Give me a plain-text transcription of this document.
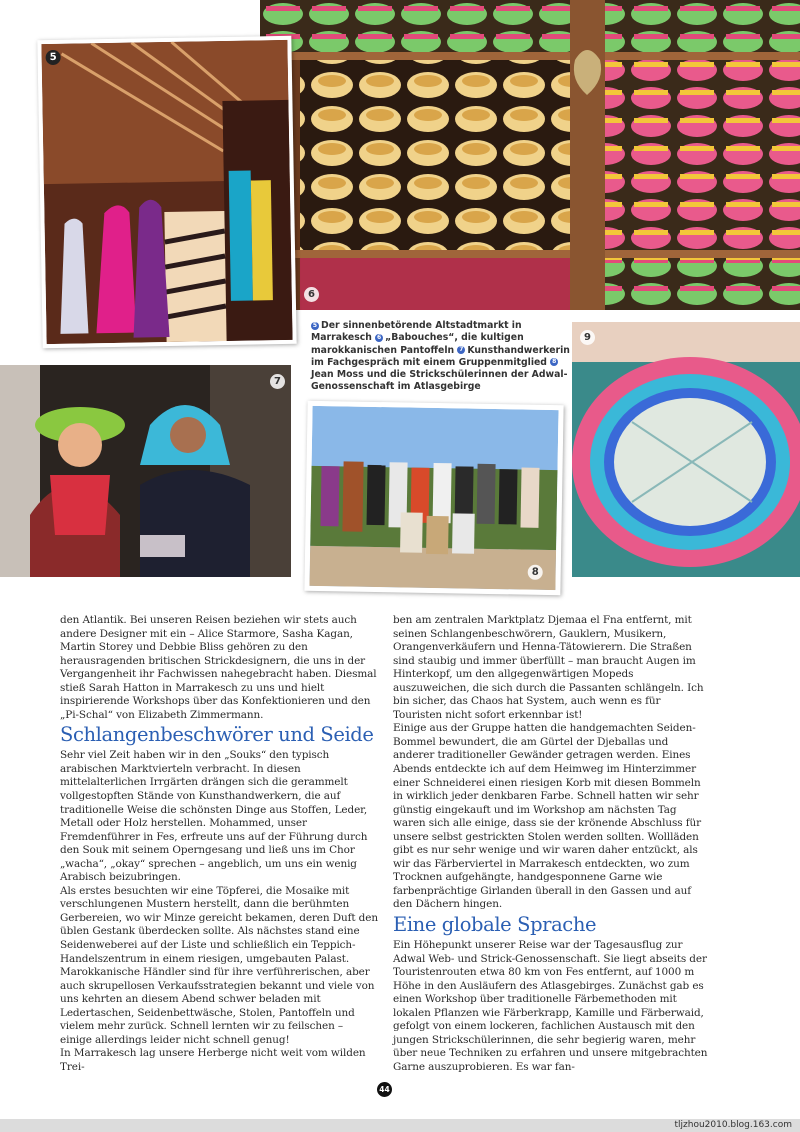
6
5
7
8
9
5 Der sinnenbetörende Altstadtmarkt in Marrakesch 6 „Babouches“, die kultigen marokkanischen Pantoffeln 7 Kunsthandwerkerin im Fachgespräch mit einem Gruppenmitglied 8Jean Moss und die Strickschülerinnen der Adwal-Genossenschaft im Atlasgebirge

den Atlantik. Bei unseren Reisen beziehen wir stets auch andere Designer mit ein – Alice Starmore, Sasha Kagan, Martin Storey und Debbie Bliss gehören zu den herausragenden britischen Strickdesignern, die uns in der Vergangenheit ihr Fachwissen nahegebracht haben. Diesmal stieß Sarah Hatton in Marrakesch zu uns und hielt inspirierende Workshops über das Konfektionieren und den „Pi-Schal“ von Elizabeth Zimmermann.

Schlangenbeschwörer und Seide

Sehr viel Zeit haben wir in den „Souks“ den typisch arabischen Marktvierteln verbracht. In diesen mittelalterlichen Irrgärten drängen sich die gerammelt vollgestopften Stände von Kunsthandwerkern, die auf traditionelle Weise die schönsten Dinge aus Stoffen, Leder, Metall oder Holz herstellen. Mohammed, unser Fremdenführer in Fes, erfreute uns auf der Führung durch den Souk mit seinem Operngesang und ließ uns im Chor „wacha“, „okay“ sprechen – angeblich, um uns ein wenig Arabisch beizubringen.

Als erstes besuchten wir eine Töpferei, die Mosaike mit verschlungenen Mustern herstellt, dann die berühmten Gerbereien, wo wir Minze gereicht bekamen, deren Duft den üblen Gestank überdecken sollte. Als nächstes stand eine Seidenweberei auf der Liste und schließlich ein Teppich-Handelszentrum in einem riesigen, umgebauten Palast. Marokkanische Händler sind für ihre verführerischen, aber auch skrupellosen Verkaufsstrategien bekannt und viele von uns kehrten an diesem Abend schwer beladen mit Ledertaschen, Seidenbettwäsche, Stolen, Pantoffeln und vielem mehr zurück. Schnell lernten wir zu feilschen – einige allerdings leider nicht schnell genug!

In Marrakesch lag unsere Herberge nicht weit vom wilden Trei-

ben am zentralen Marktplatz Djemaa el Fna entfernt, mit seinen Schlangenbeschwörern, Gauklern, Musikern, Orangenverkäufern und Henna-Tätowierern. Die Straßen sind staubig und immer überfüllt – man braucht Augen im Hinterkopf, um den allgegenwärtigen Mopeds auszuweichen, die sich durch die Passanten schlängeln. Ich bin sicher, das Chaos hat System, auch wenn es für Touristen nicht sofort erkennbar ist!

Einige aus der Gruppe hatten die handgemachten Seiden-Bommel bewundert, die am Gürtel der Djeballas und anderer traditioneller Gewänder getragen werden. Eines Abends entdeckte ich auf dem Heimweg im Hinterzimmer einer Schneiderei einen riesigen Korb mit diesen Bommeln in wirklich jeder denkbaren Farbe. Schnell hatten wir sehr günstig eingekauft und im Workshop am nächsten Tag waren sich alle einige, dass sie der krönende Abschluss für unsere selbst gestrickten Stolen werden sollten. Wollläden gibt es nur sehr wenige und wir waren daher entzückt, als wir das Färberviertel in Marrakesch entdeckten, wo zum Trocknen aufgehängte, handgesponnene Garne wie farbenprächtige Girlanden überall in den Gassen und auf den Dächern hingen.

Eine globale Sprache

Ein Höhepunkt unserer Reise war der Tagesausflug zur Adwal Web- und Strick-Genossenschaft. Sie liegt abseits der Touristenrouten etwa 80 km von Fes entfernt, auf 1000 m Höhe in den Ausläufern des Atlasgebirges. Zunächst gab es einen Workshop über traditionelle Färbemethoden mit lokalen Pflanzen wie Färberkrapp, Kamille und Färberwaid, gefolgt von einem lockeren, fachlichen Austausch mit den jungen Strickschülerinnen, die sehr begierig waren, mehr über neue Techniken zu erfahren und unsere mitgebrachten Garne auszuprobieren. Es war fan-

44
tljzhou2010.blog.163.com
